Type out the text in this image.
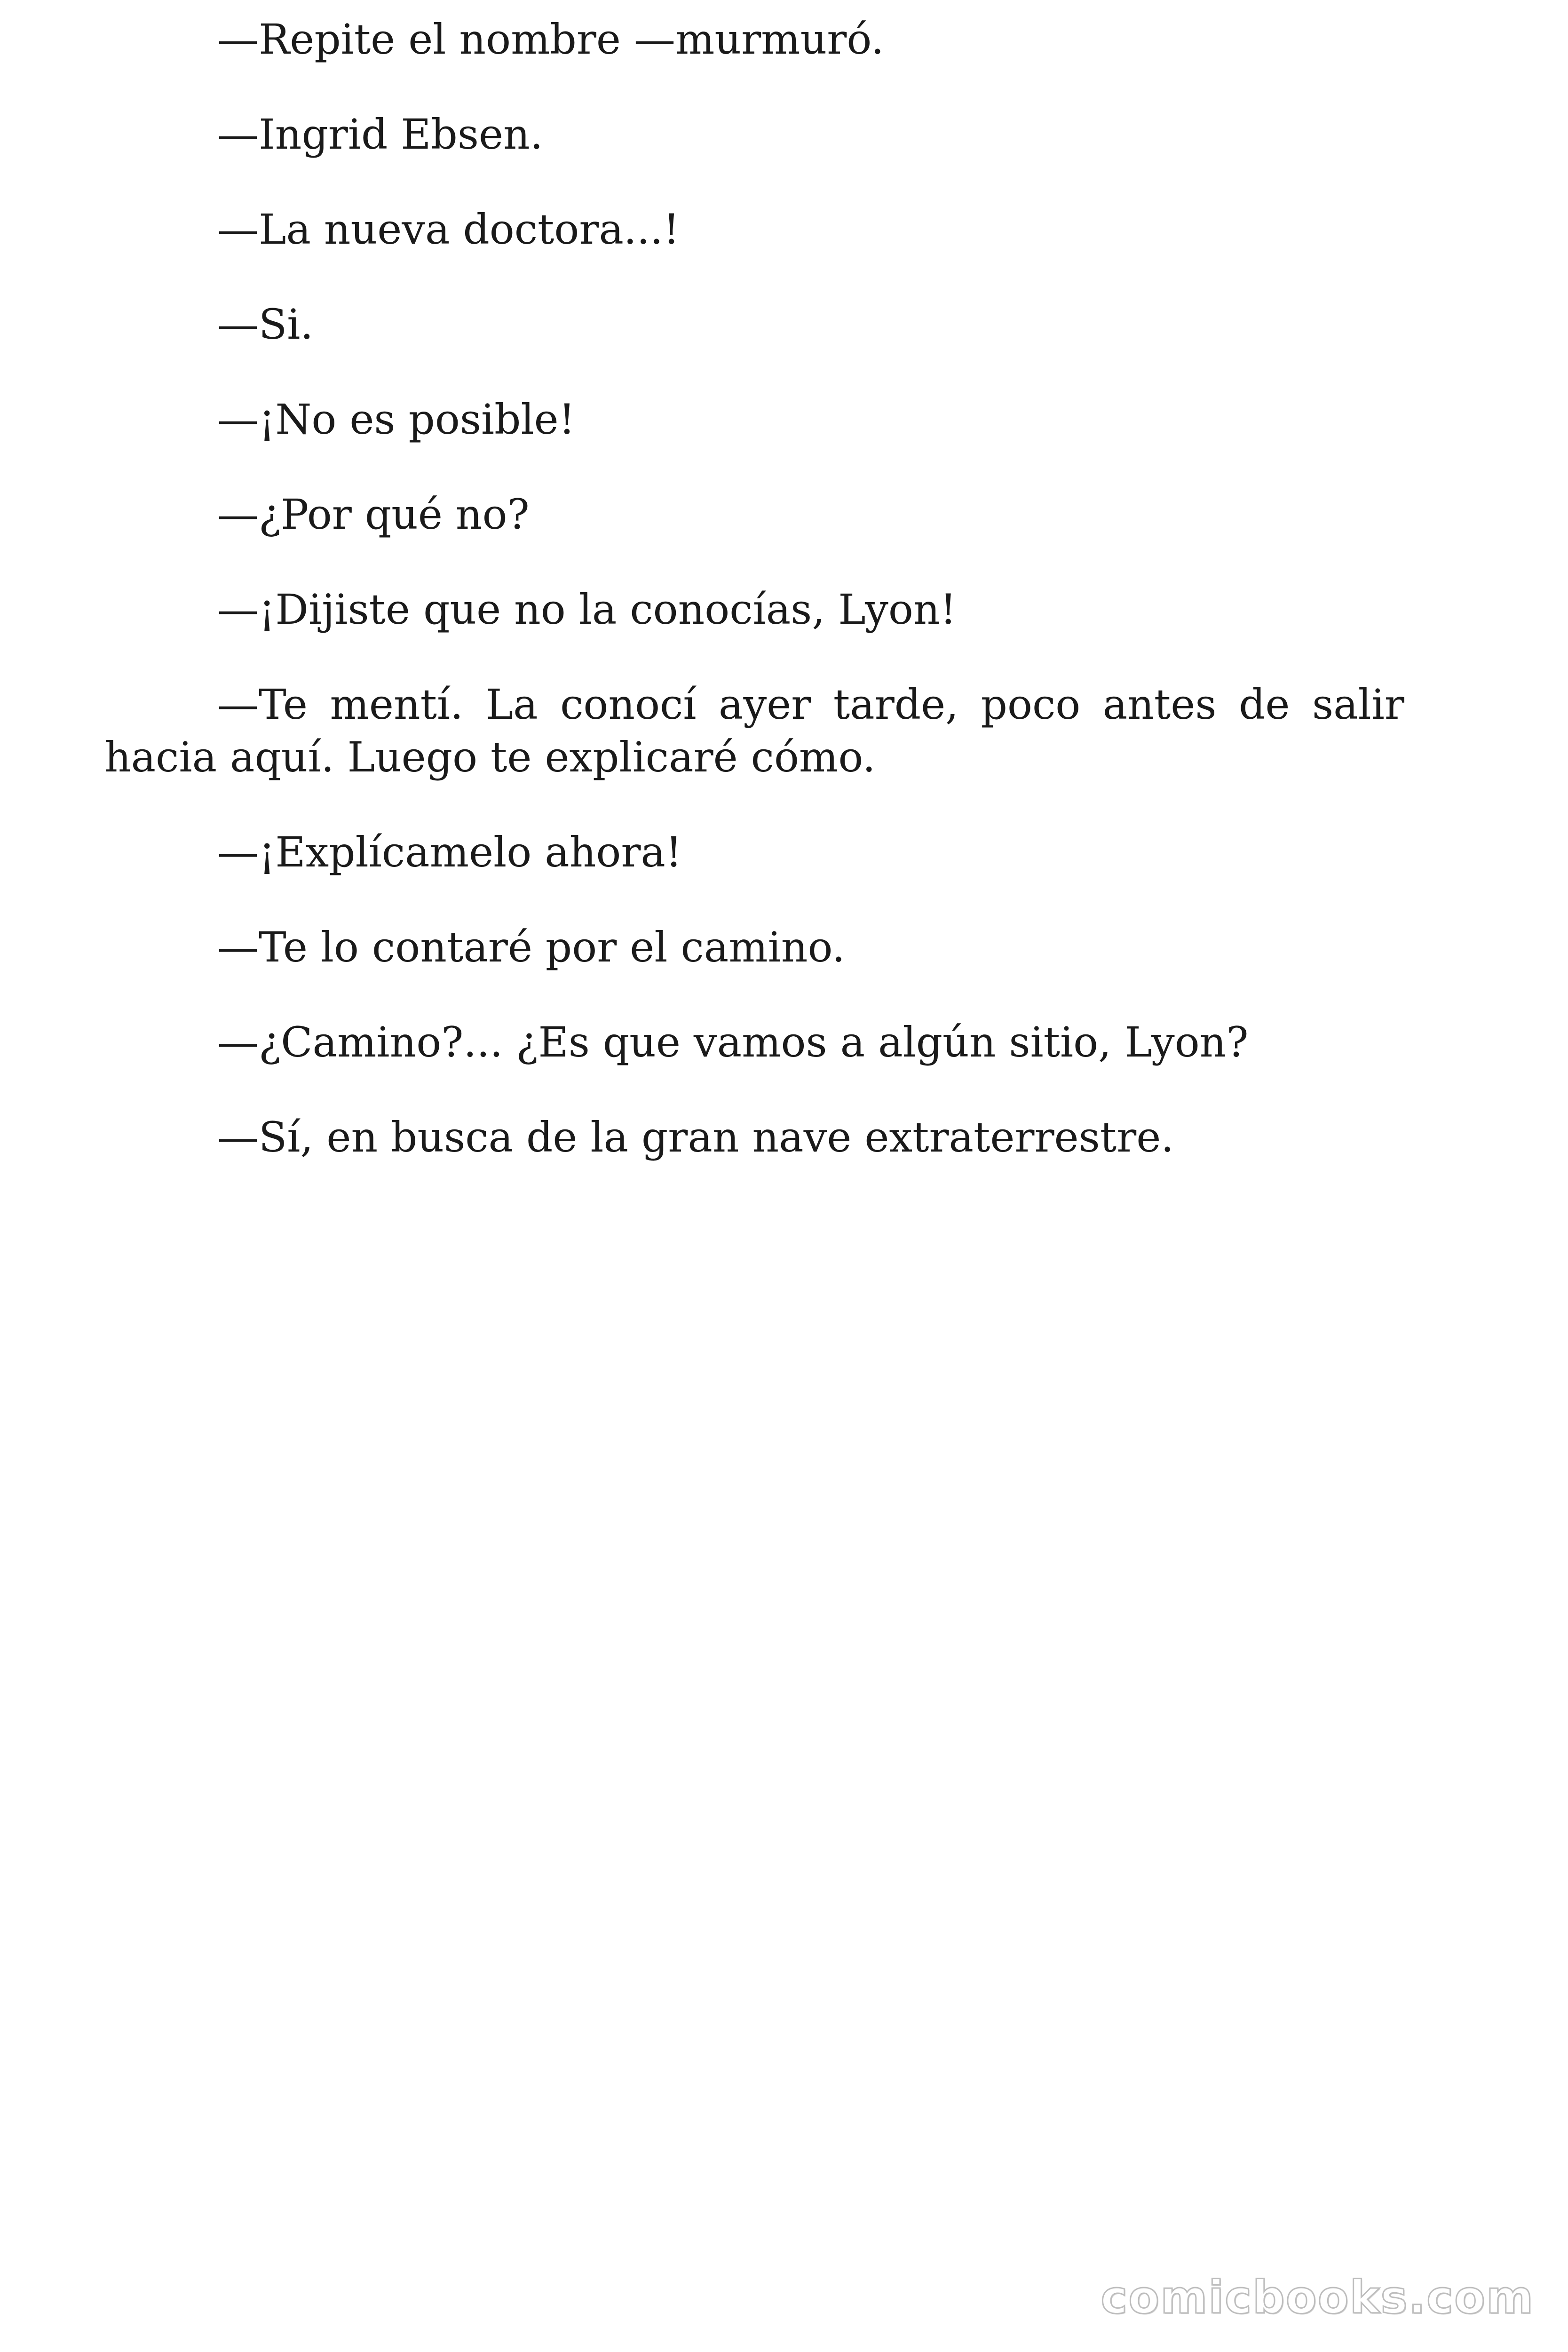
—Repite el nombre —murmuró.

—Ingrid Ebsen.

—La nueva doctora...!

—Si.

—¡No es posible!

—¿Por qué no?

—¡Dijiste que no la conocías, Lyon!

—Te mentí. La conocí ayer tarde, poco antes de salir hacia aquí. Luego te explicaré cómo.

—¡Explícamelo ahora!

—Te lo contaré por el camino.

—¿Camino?... ¿Es que vamos a algún sitio, Lyon?

—Sí, en busca de la gran nave extraterrestre.

comicbooks.com
